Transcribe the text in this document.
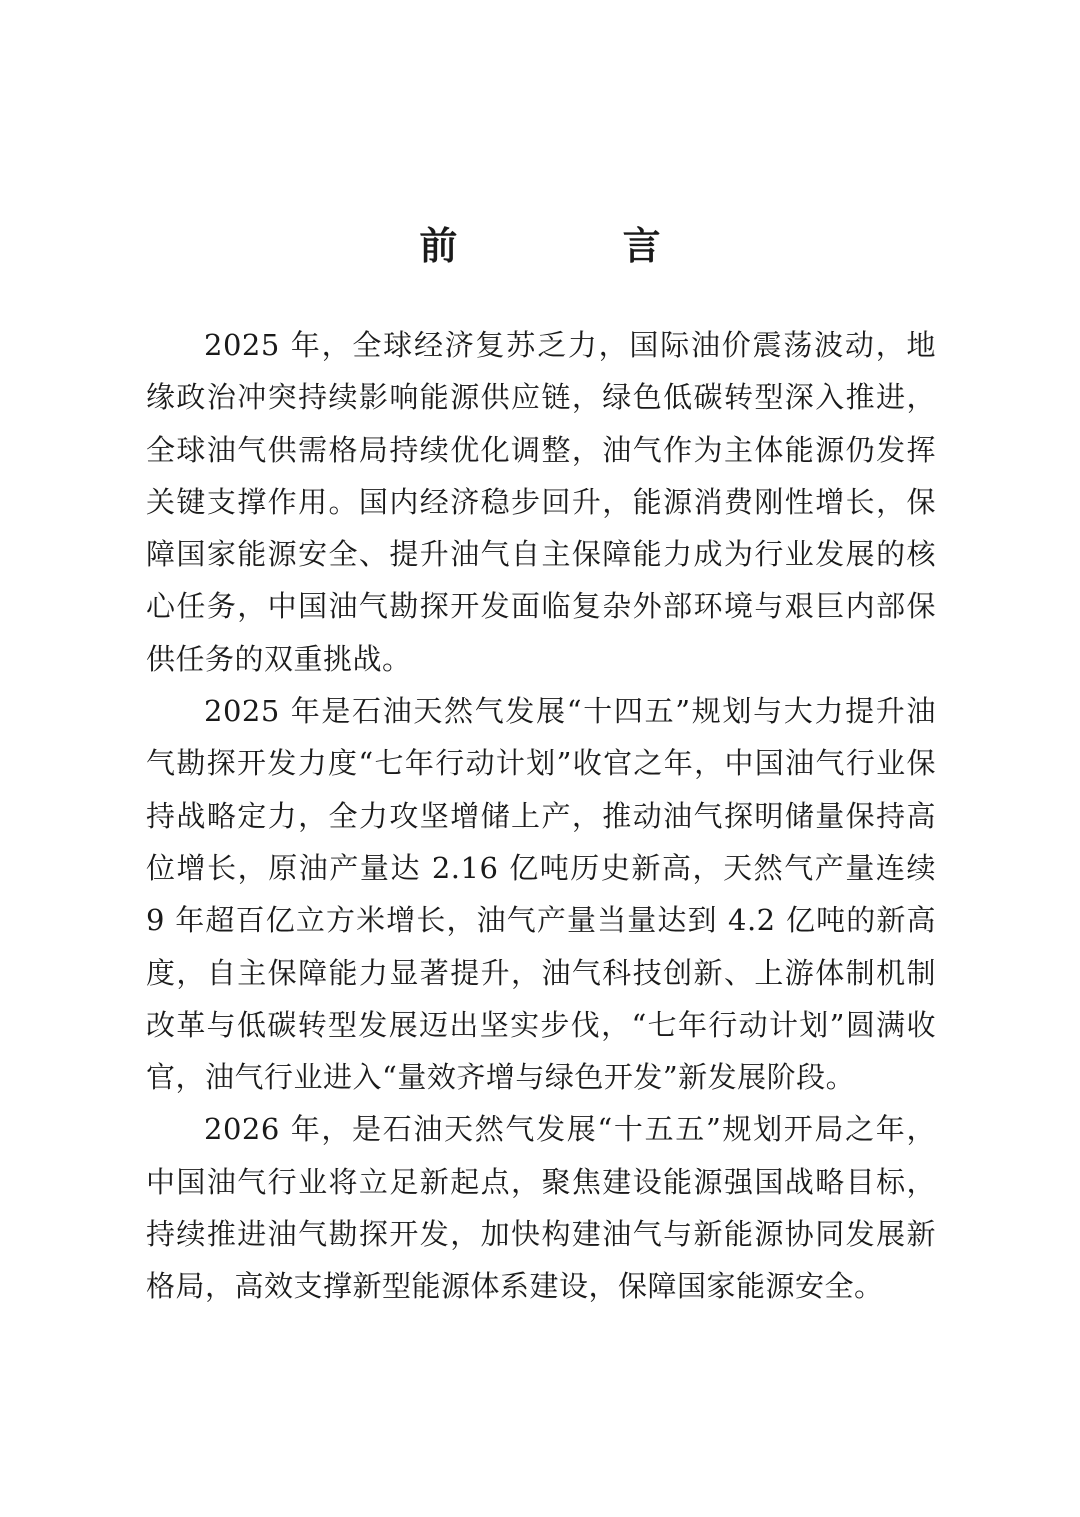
前 言

2025 年，全球经济复苏乏力，国际油价震荡波动，地缘政治冲突持续影响能源供应链，绿色低碳转型深入推进，全球油气供需格局持续优化调整，油气作为主体能源仍发挥关键支撑作用。国内经济稳步回升，能源消费刚性增长，保障国家能源安全、提升油气自主保障能力成为行业发展的核心任务，中国油气勘探开发面临复杂外部环境与艰巨内部保供任务的双重挑战。

2025 年是石油天然气发展“十四五”规划与大力提升油气勘探开发力度“七年行动计划”收官之年，中国油气行业保持战略定力，全力攻坚增储上产，推动油气探明储量保持高位增长，原油产量达 2.16 亿吨历史新高，天然气产量连续 9 年超百亿立方米增长，油气产量当量达到 4.2 亿吨的新高度，自主保障能力显著提升，油气科技创新、上游体制机制改革与低碳转型发展迈出坚实步伐，“七年行动计划”圆满收官，油气行业进入“量效齐增与绿色开发”新发展阶段。

2026 年，是石油天然气发展“十五五”规划开局之年，中国油气行业将立足新起点，聚焦建设能源强国战略目标，持续推进油气勘探开发，加快构建油气与新能源协同发展新格局，高效支撑新型能源体系建设，保障国家能源安全。
